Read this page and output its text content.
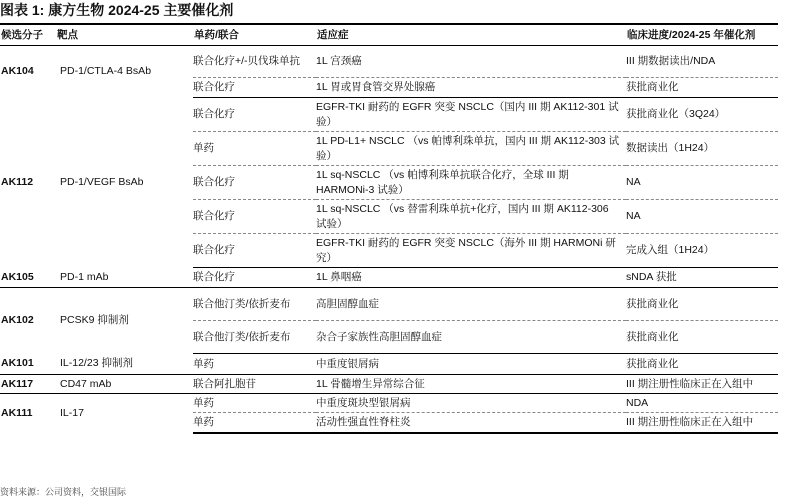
图表 1: 康方生物 2024-25 主要催化剂
候选分子	靶点	单药/联合	适应症	临床进度/2024-25 年催化剂
AK104	PD-1/CTLA-4 BsAb	联合化疗+/-贝伐珠单抗	1L 宫颈癌	III 期数据读出/NDA
		联合化疗	1L 胃或胃食管交界处腺癌	获批商业化
AK112	PD-1/VEGF BsAb	联合化疗	EGFR-TKI 耐药的 EGFR 突变 NSCLC（国内 III 期 AK112-301 试验）	获批商业化（3Q24）
		单药	1L PD-L1+ NSCLC （vs 帕博利珠单抗，国内 III 期 AK112-303 试验）	数据读出（1H24）
		联合化疗	1L sq-NSCLC （vs 帕博利珠单抗联合化疗，全球 III 期 HARMONi-3 试验）	NA
		联合化疗	1L sq-NSCLC （vs 替雷利珠单抗+化疗，国内 III 期 AK112-306 试验）	NA
		联合化疗	EGFR-TKI 耐药的 EGFR 突变 NSCLC（海外 III 期 HARMONi 研究）	完成入组（1H24）
AK105	PD-1 mAb	联合化疗	1L 鼻咽癌	sNDA 获批
AK102	PCSK9 抑制剂	联合他汀类/依折麦布	高胆固醇血症	获批商业化
		联合他汀类/依折麦布	杂合子家族性高胆固醇血症	获批商业化
AK101	IL-12/23 抑制剂	单药	中重度银屑病	获批商业化
AK117	CD47 mAb	联合阿扎胞苷	1L 骨髓增生异常综合征	III 期注册性临床正在入组中
AK111	IL-17	单药	中重度斑块型银屑病	NDA
		单药	活动性强直性脊柱炎	III 期注册性临床正在入组中
资料来源：公司资料，交银国际
